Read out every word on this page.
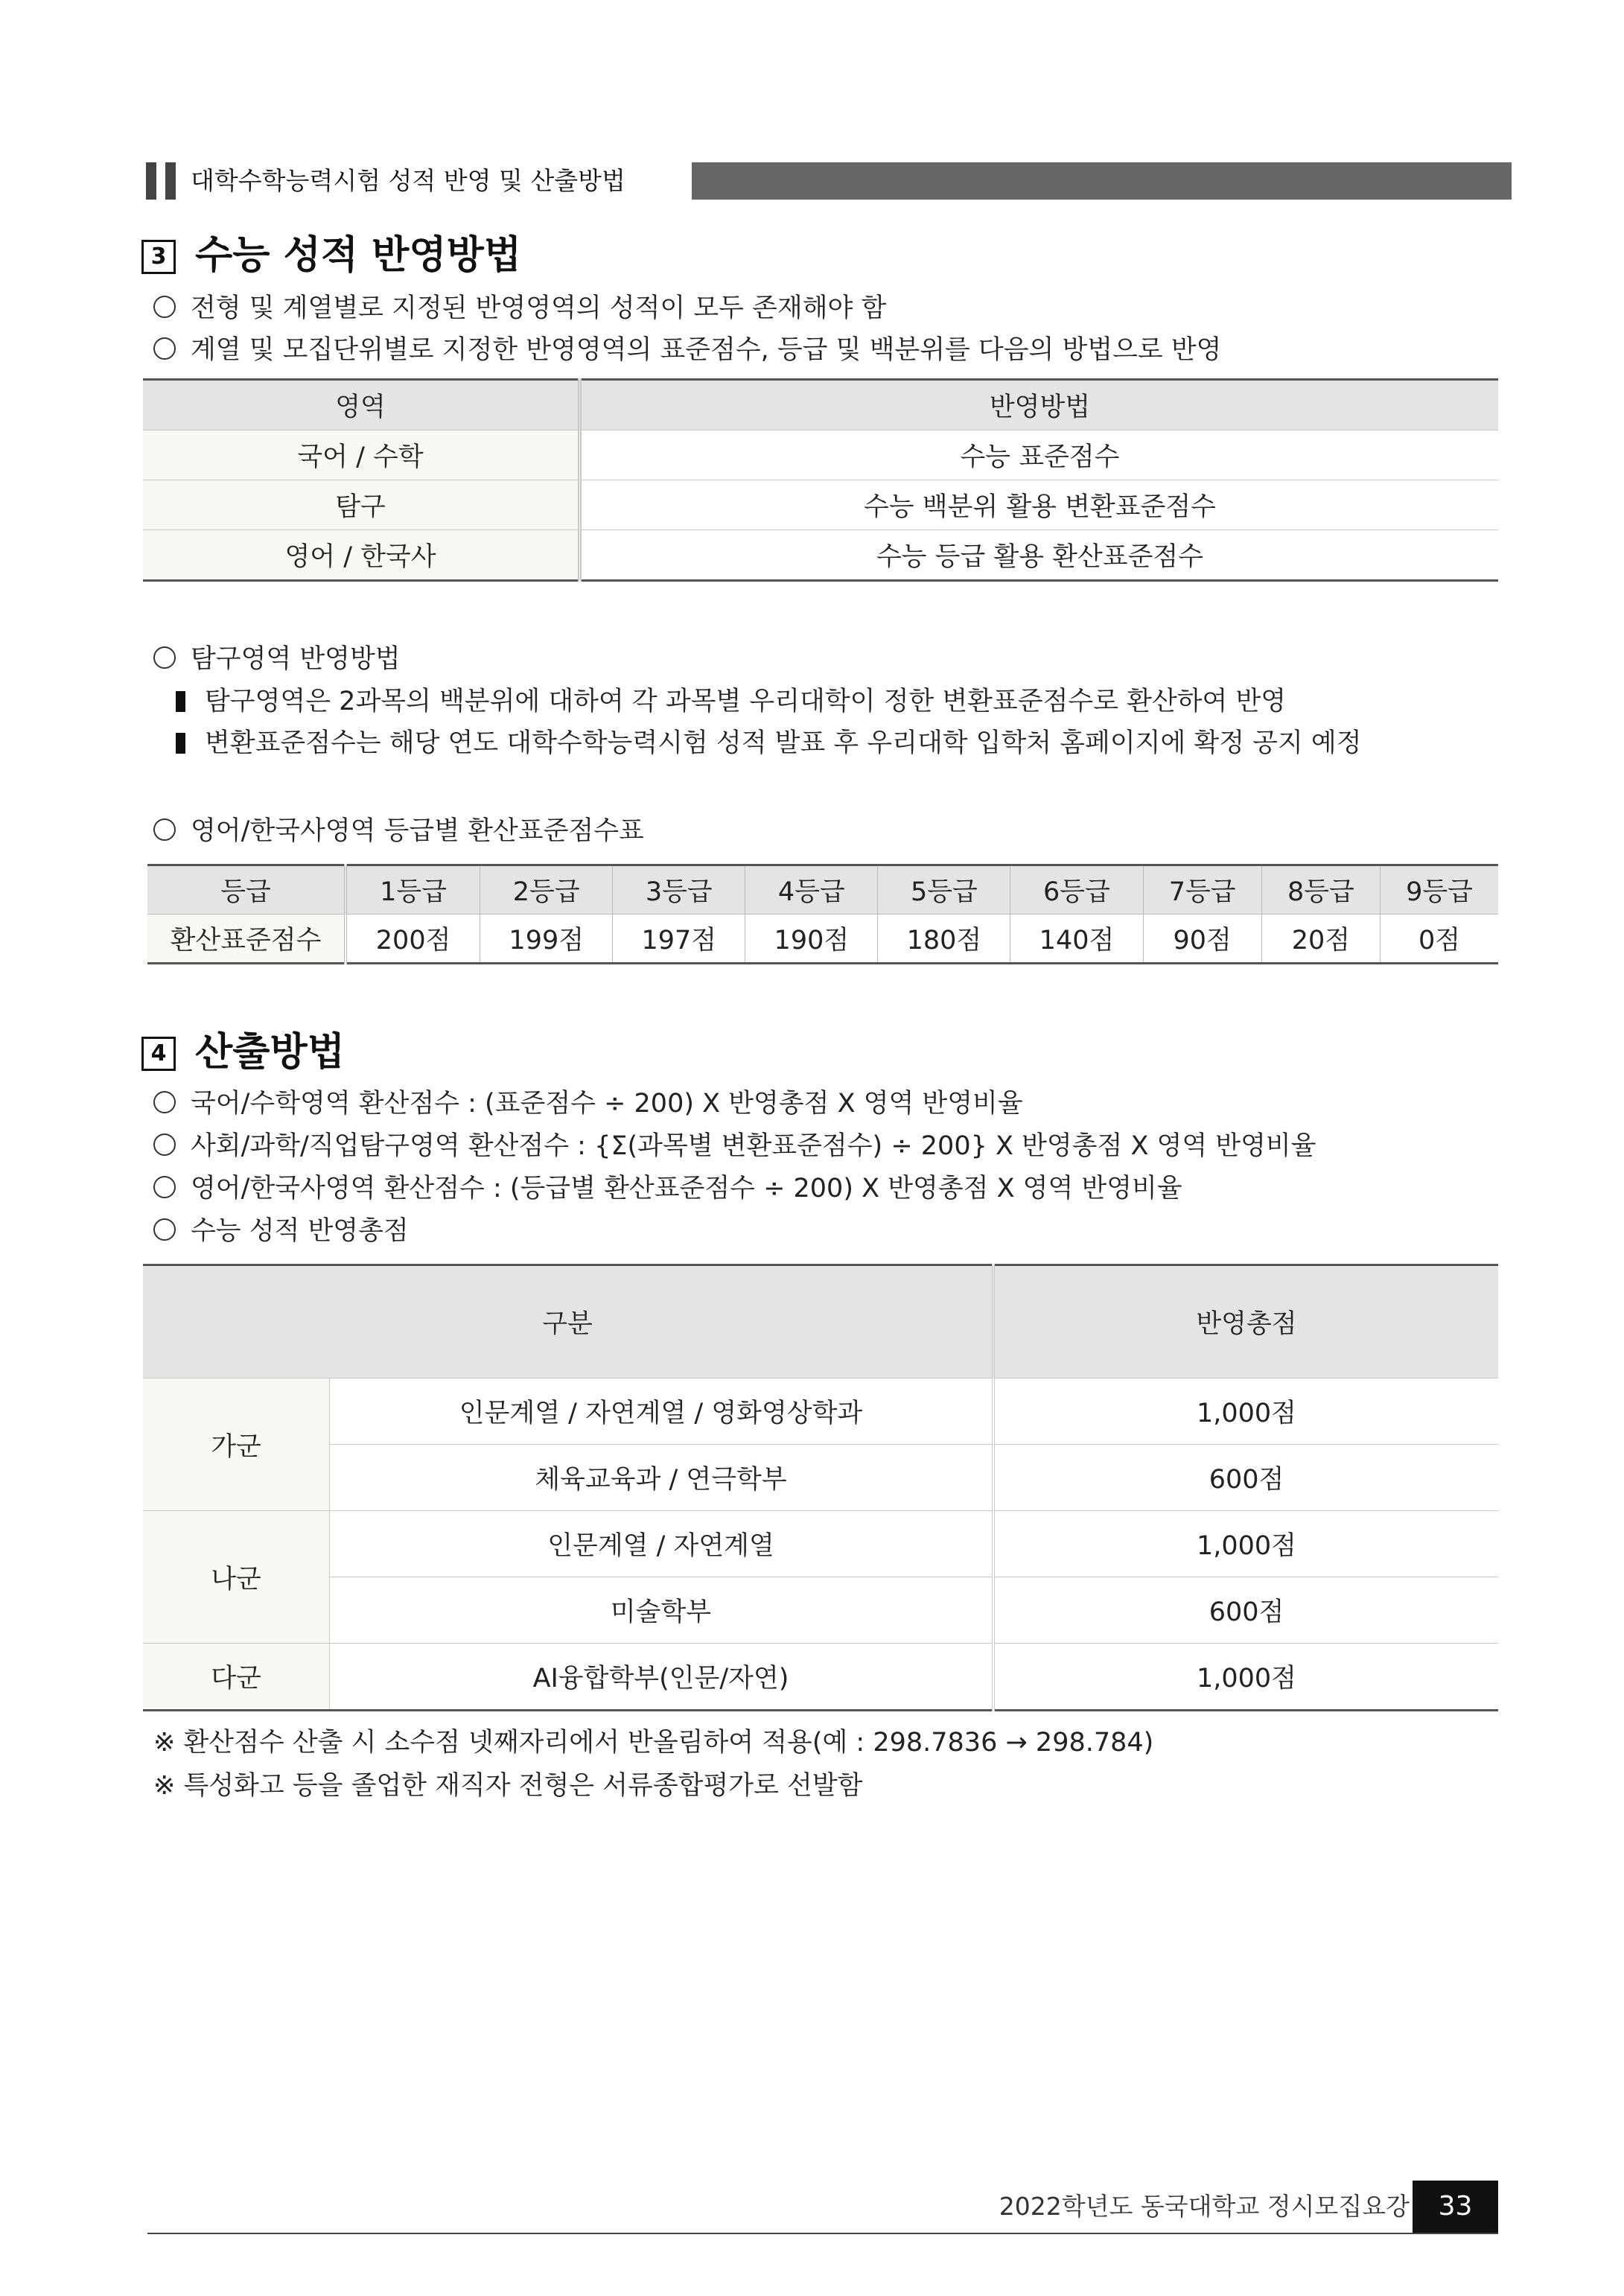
대학수학능력시험 성적 반영 및 산출방법
3 수능 성적 반영방법
전형 및 계열별로 지정된 반영영역의 성적이 모두 존재해야 함
계열 및 모집단위별로 지정한 반영영역의 표준점수, 등급 및 백분위를 다음의 방법으로 반영
영역	반영방법
국어 / 수학	수능 표준점수
탐구	수능 백분위 활용 변환표준점수
영어 / 한국사	수능 등급 활용 환산표준점수
탐구영역 반영방법
탐구영역은 2과목의 백분위에 대하여 각 과목별 우리대학이 정한 변환표준점수로 환산하여 반영
변환표준점수는 해당 연도 대학수학능력시험 성적 발표 후 우리대학 입학처 홈페이지에 확정 공지 예정
영어/한국사영역 등급별 환산표준점수표
등급	1등급	2등급	3등급	4등급	5등급	6등급	7등급	8등급	9등급
환산표준점수	200점	199점	197점	190점	180점	140점	90점	20점	0점
4 산출방법
국어/수학영역 환산점수 : (표준점수 ÷ 200) X 반영총점 X 영역 반영비율
사회/과학/직업탐구영역 환산점수 : {Σ(과목별 변환표준점수) ÷ 200} X 반영총점 X 영역 반영비율
영어/한국사영역 환산점수 : (등급별 환산표준점수 ÷ 200) X 반영총점 X 영역 반영비율
수능 성적 반영총점
구분		반영총점
가군	인문계열 / 자연계열 / 영화영상학과	1,000점
	체육교육과 / 연극학부	600점
나군	인문계열 / 자연계열	1,000점
	미술학부	600점
다군	AI융합학부(인문/자연)	1,000점
※ 환산점수 산출 시 소수점 넷째자리에서 반올림하여 적용(예 : 298.7836 → 298.784)
※ 특성화고 등을 졸업한 재직자 전형은 서류종합평가로 선발함
2022학년도 동국대학교 정시모집요강	33
